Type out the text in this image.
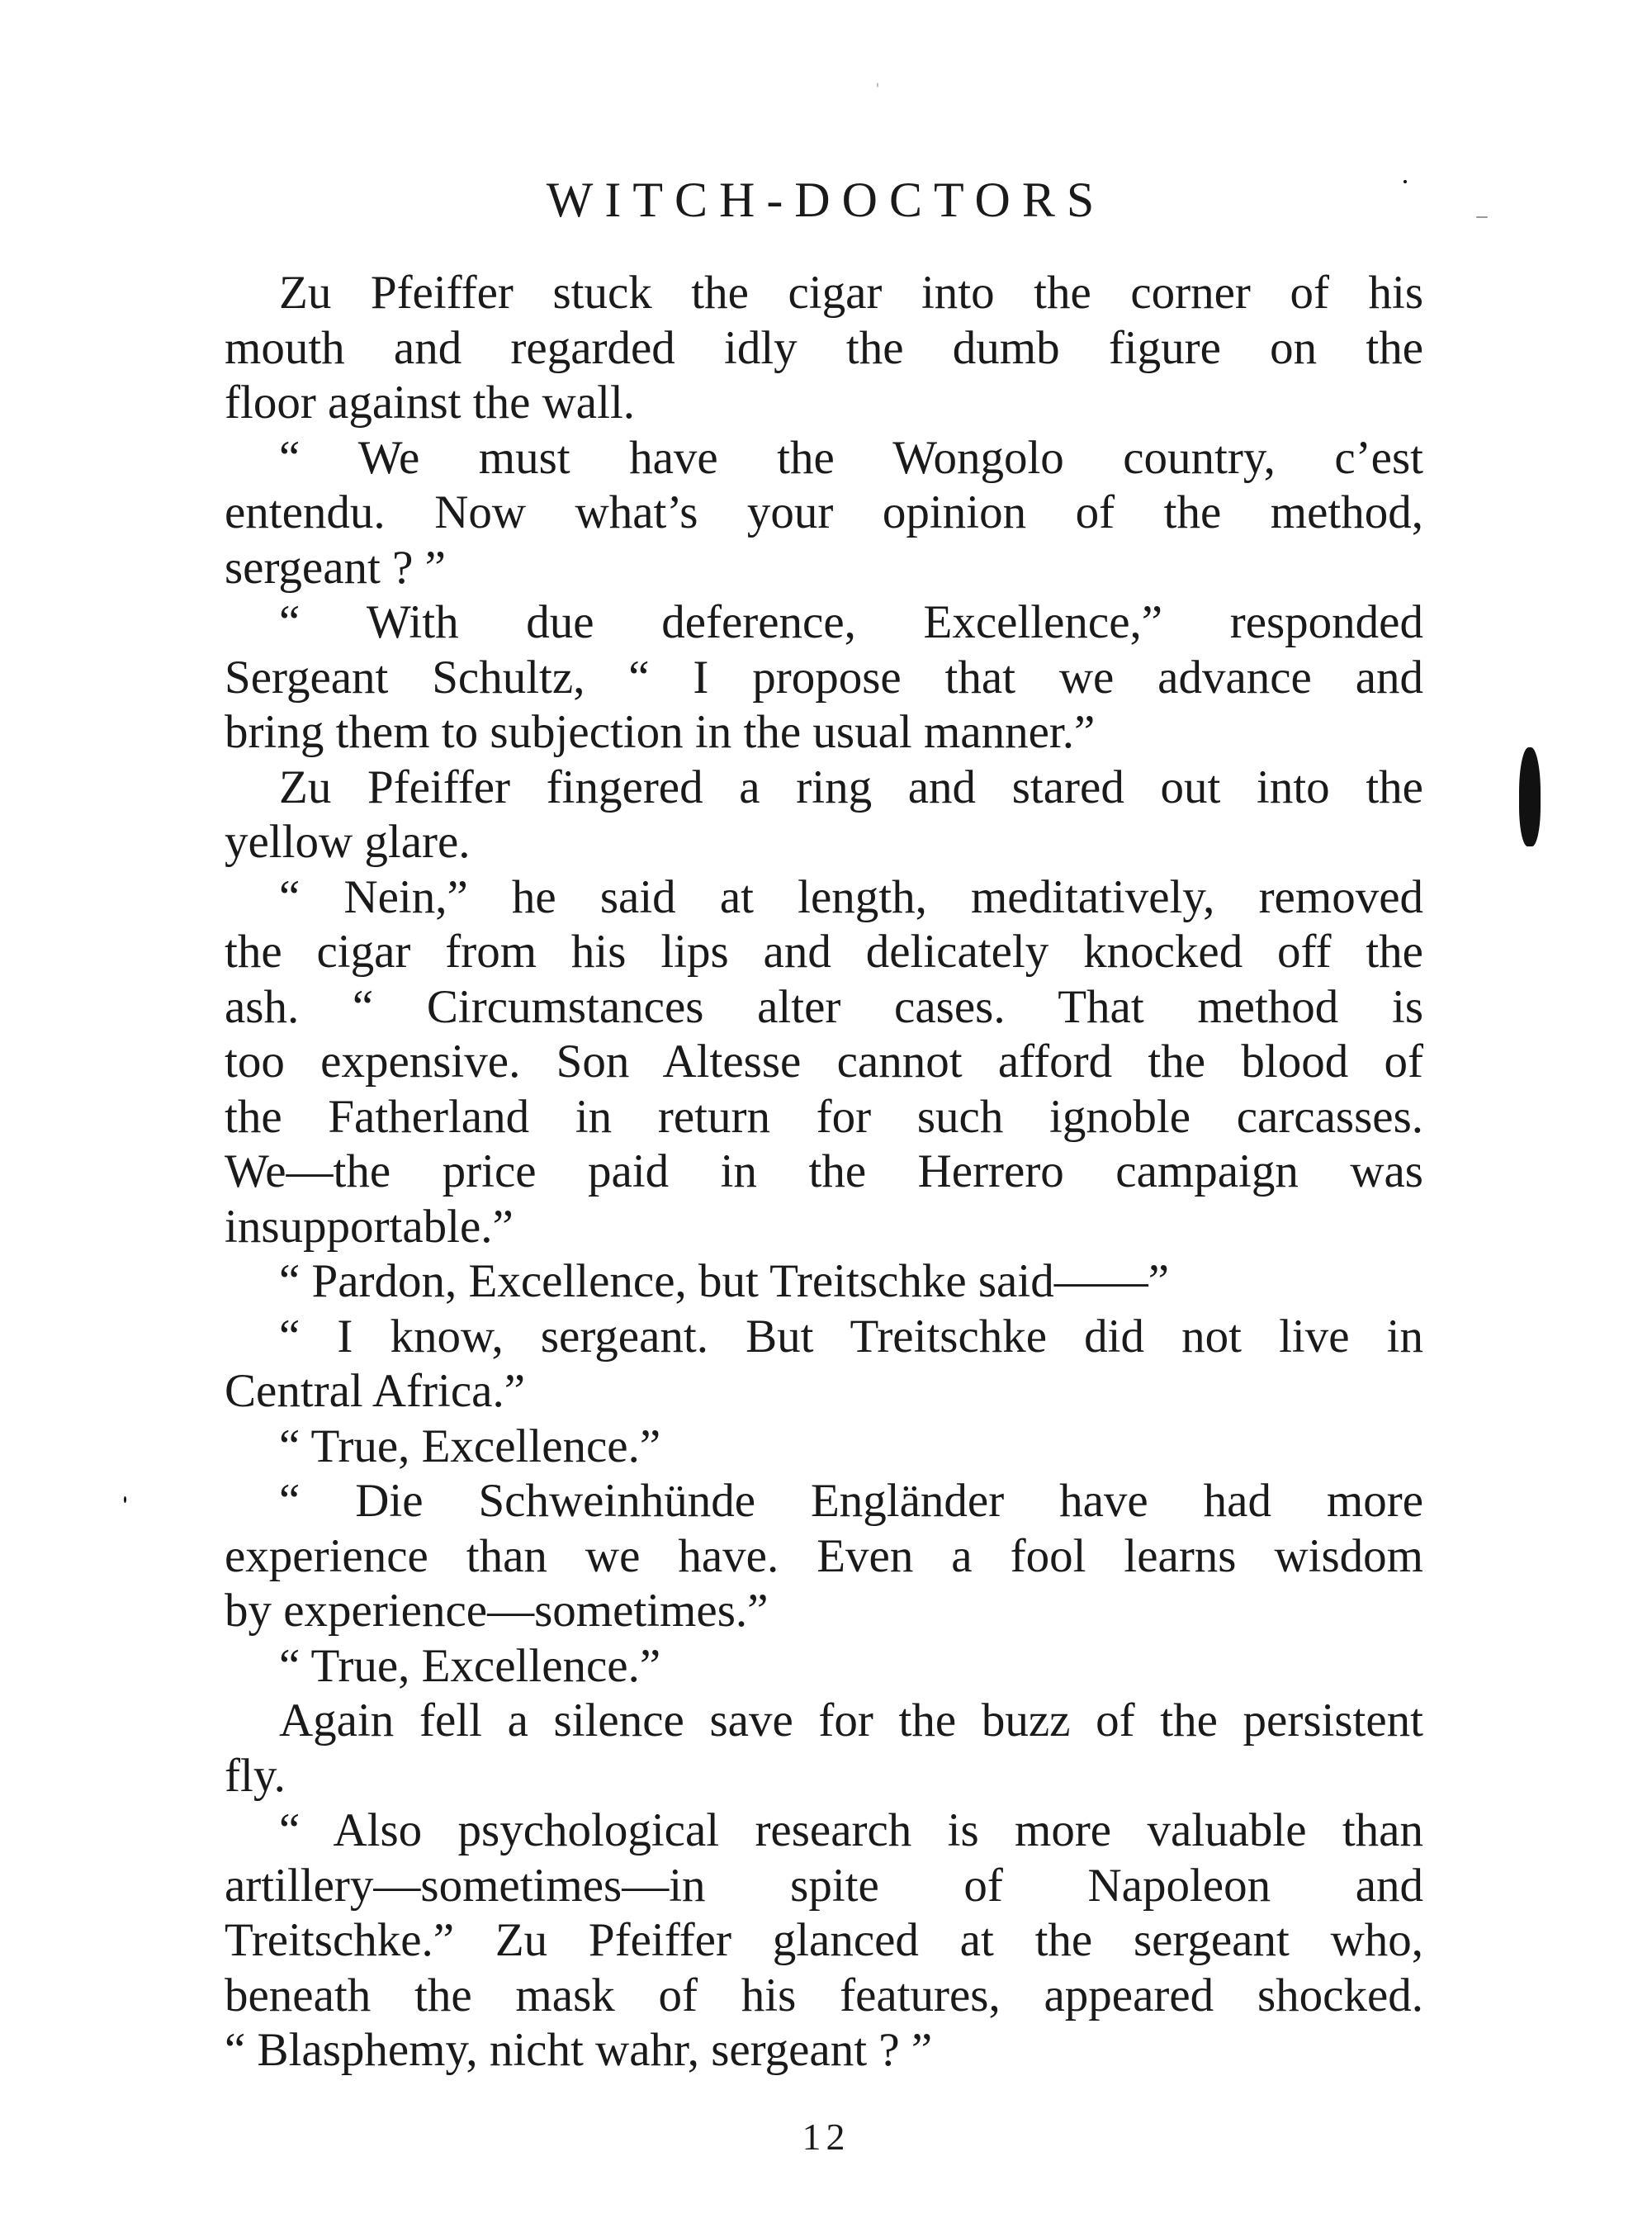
WITCH-DOCTORS
Zu Pfeiffer stuck the cigar into the corner of his
mouth and regarded idly the dumb figure on the
floor against the wall.
“ We must have the Wongolo country, c’est
entendu. Now what’s your opinion of the method,
sergeant ? ”
“ With due deference, Excellence,” responded
Sergeant Schultz, “ I propose that we advance and
bring them to subjection in the usual manner.”
Zu Pfeiffer fingered a ring and stared out into the
yellow glare.
“ Nein,” he said at length, meditatively, removed
the cigar from his lips and delicately knocked off the
ash. “ Circumstances alter cases. That method is
too expensive. Son Altesse cannot afford the blood of
the Fatherland in return for such ignoble carcasses.
We—the price paid in the Herrero campaign was
insupportable.”
“ Pardon, Excellence, but Treitschke said——”
“ I know, sergeant. But Treitschke did not live in
Central Africa.”
“ True, Excellence.”
“ Die Schweinhünde Engländer have had more
experience than we have. Even a fool learns wisdom
by experience—sometimes.”
“ True, Excellence.”
Again fell a silence save for the buzz of the persistent
fly.
“ Also psychological research is more valuable than
artillery—sometimes—in spite of Napoleon and
Treitschke.” Zu Pfeiffer glanced at the sergeant who,
beneath the mask of his features, appeared shocked.
“ Blasphemy, nicht wahr, sergeant ? ”
12
